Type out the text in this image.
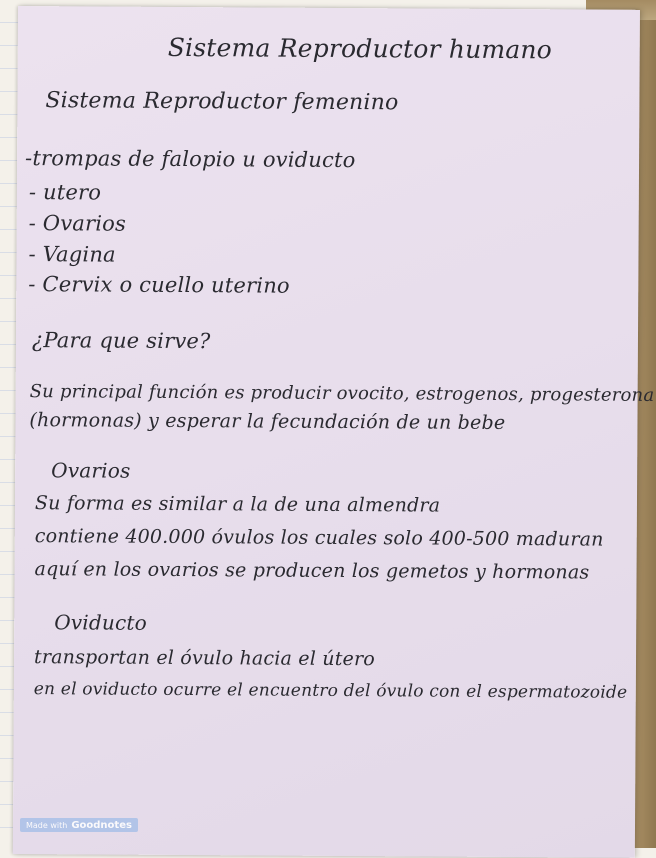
Sistema Reproductor humano
Sistema Reproductor femenino
-trompas de falopio u oviducto
- utero
- Ovarios
- Vagina
- Cervix o cuello uterino
¿Para que sirve?
Su principal función es producir ovocito, estrogenos, progesterona
(hormonas) y esperar la fecundación de un bebe
Ovarios
Su forma es similar a la de una almendra
contiene 400.000 óvulos los cuales solo 400-500 maduran
aquí en los ovarios se producen los gemetos y hormonas
Oviducto
transportan el óvulo hacia el útero
en el oviducto ocurre el encuentro del óvulo con el espermatozoide
Made with Goodnotes
